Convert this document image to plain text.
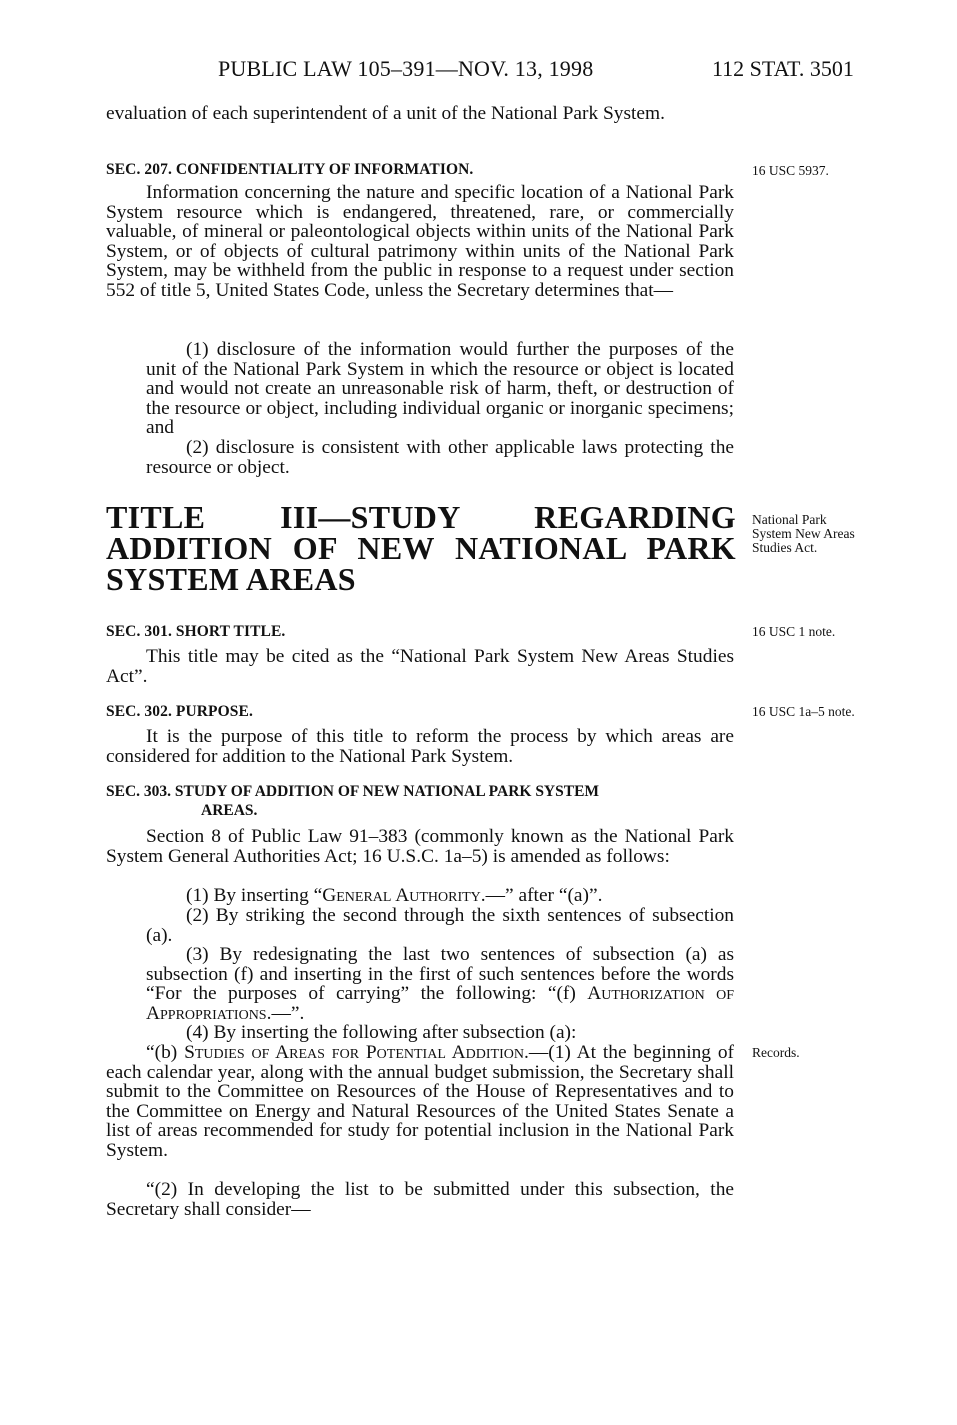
PUBLIC LAW 105–391—NOV. 13, 1998	112 STAT. 3501

evaluation of each superintendent of a unit of the National Park System.

SEC. 207. CONFIDENTIALITY OF INFORMATION.	16 USC 5937.

Information concerning the nature and specific location of a National Park System resource which is endangered, threatened, rare, or commercially valuable, of mineral or paleontological objects within units of the National Park System, or of objects of cultural patrimony within units of the National Park System, may be withheld from the public in response to a request under section 552 of title 5, United States Code, unless the Secretary determines that—

(1) disclosure of the information would further the purposes of the unit of the National Park System in which the resource or object is located and would not create an unreasonable risk of harm, theft, or destruction of the resource or object, including individual organic or inorganic specimens; and

(2) disclosure is consistent with other applicable laws protecting the resource or object.

TITLE III—STUDY REGARDING ADDITION OF NEW NATIONAL PARK SYSTEM AREAS
National Park System New Areas Studies Act.
SEC. 301. SHORT TITLE.	16 USC 1 note.

This title may be cited as the “National Park System New Areas Studies Act”.

SEC. 302. PURPOSE.	16 USC 1a–5 note.

It is the purpose of this title to reform the process by which areas are considered for addition to the National Park System.

SEC. 303. STUDY OF ADDITION OF NEW NATIONAL PARK SYSTEM
AREAS.

Section 8 of Public Law 91–383 (commonly known as the National Park System General Authorities Act; 16 U.S.C. 1a–5) is amended as follows:

(1) By inserting “General Authority.—” after “(a)”.

(2) By striking the second through the sixth sentences of subsection (a).

(3) By redesignating the last two sentences of subsection (a) as subsection (f) and inserting in the first of such sentences before the words “For the purposes of carrying” the following: “(f) Authorization of Appropriations.—”.

(4) By inserting the following after subsection (a):

“(b) Studies of Areas for Potential Addition.—(1) At the beginning of each calendar year, along with the annual budget submission, the Secretary shall submit to the Committee on Resources of the House of Representatives and to the Committee on Energy and Natural Resources of the United States Senate a list of areas recommended for study for potential inclusion in the National Park System.

Records.

“(2) In developing the list to be submitted under this subsection, the Secretary shall consider—
